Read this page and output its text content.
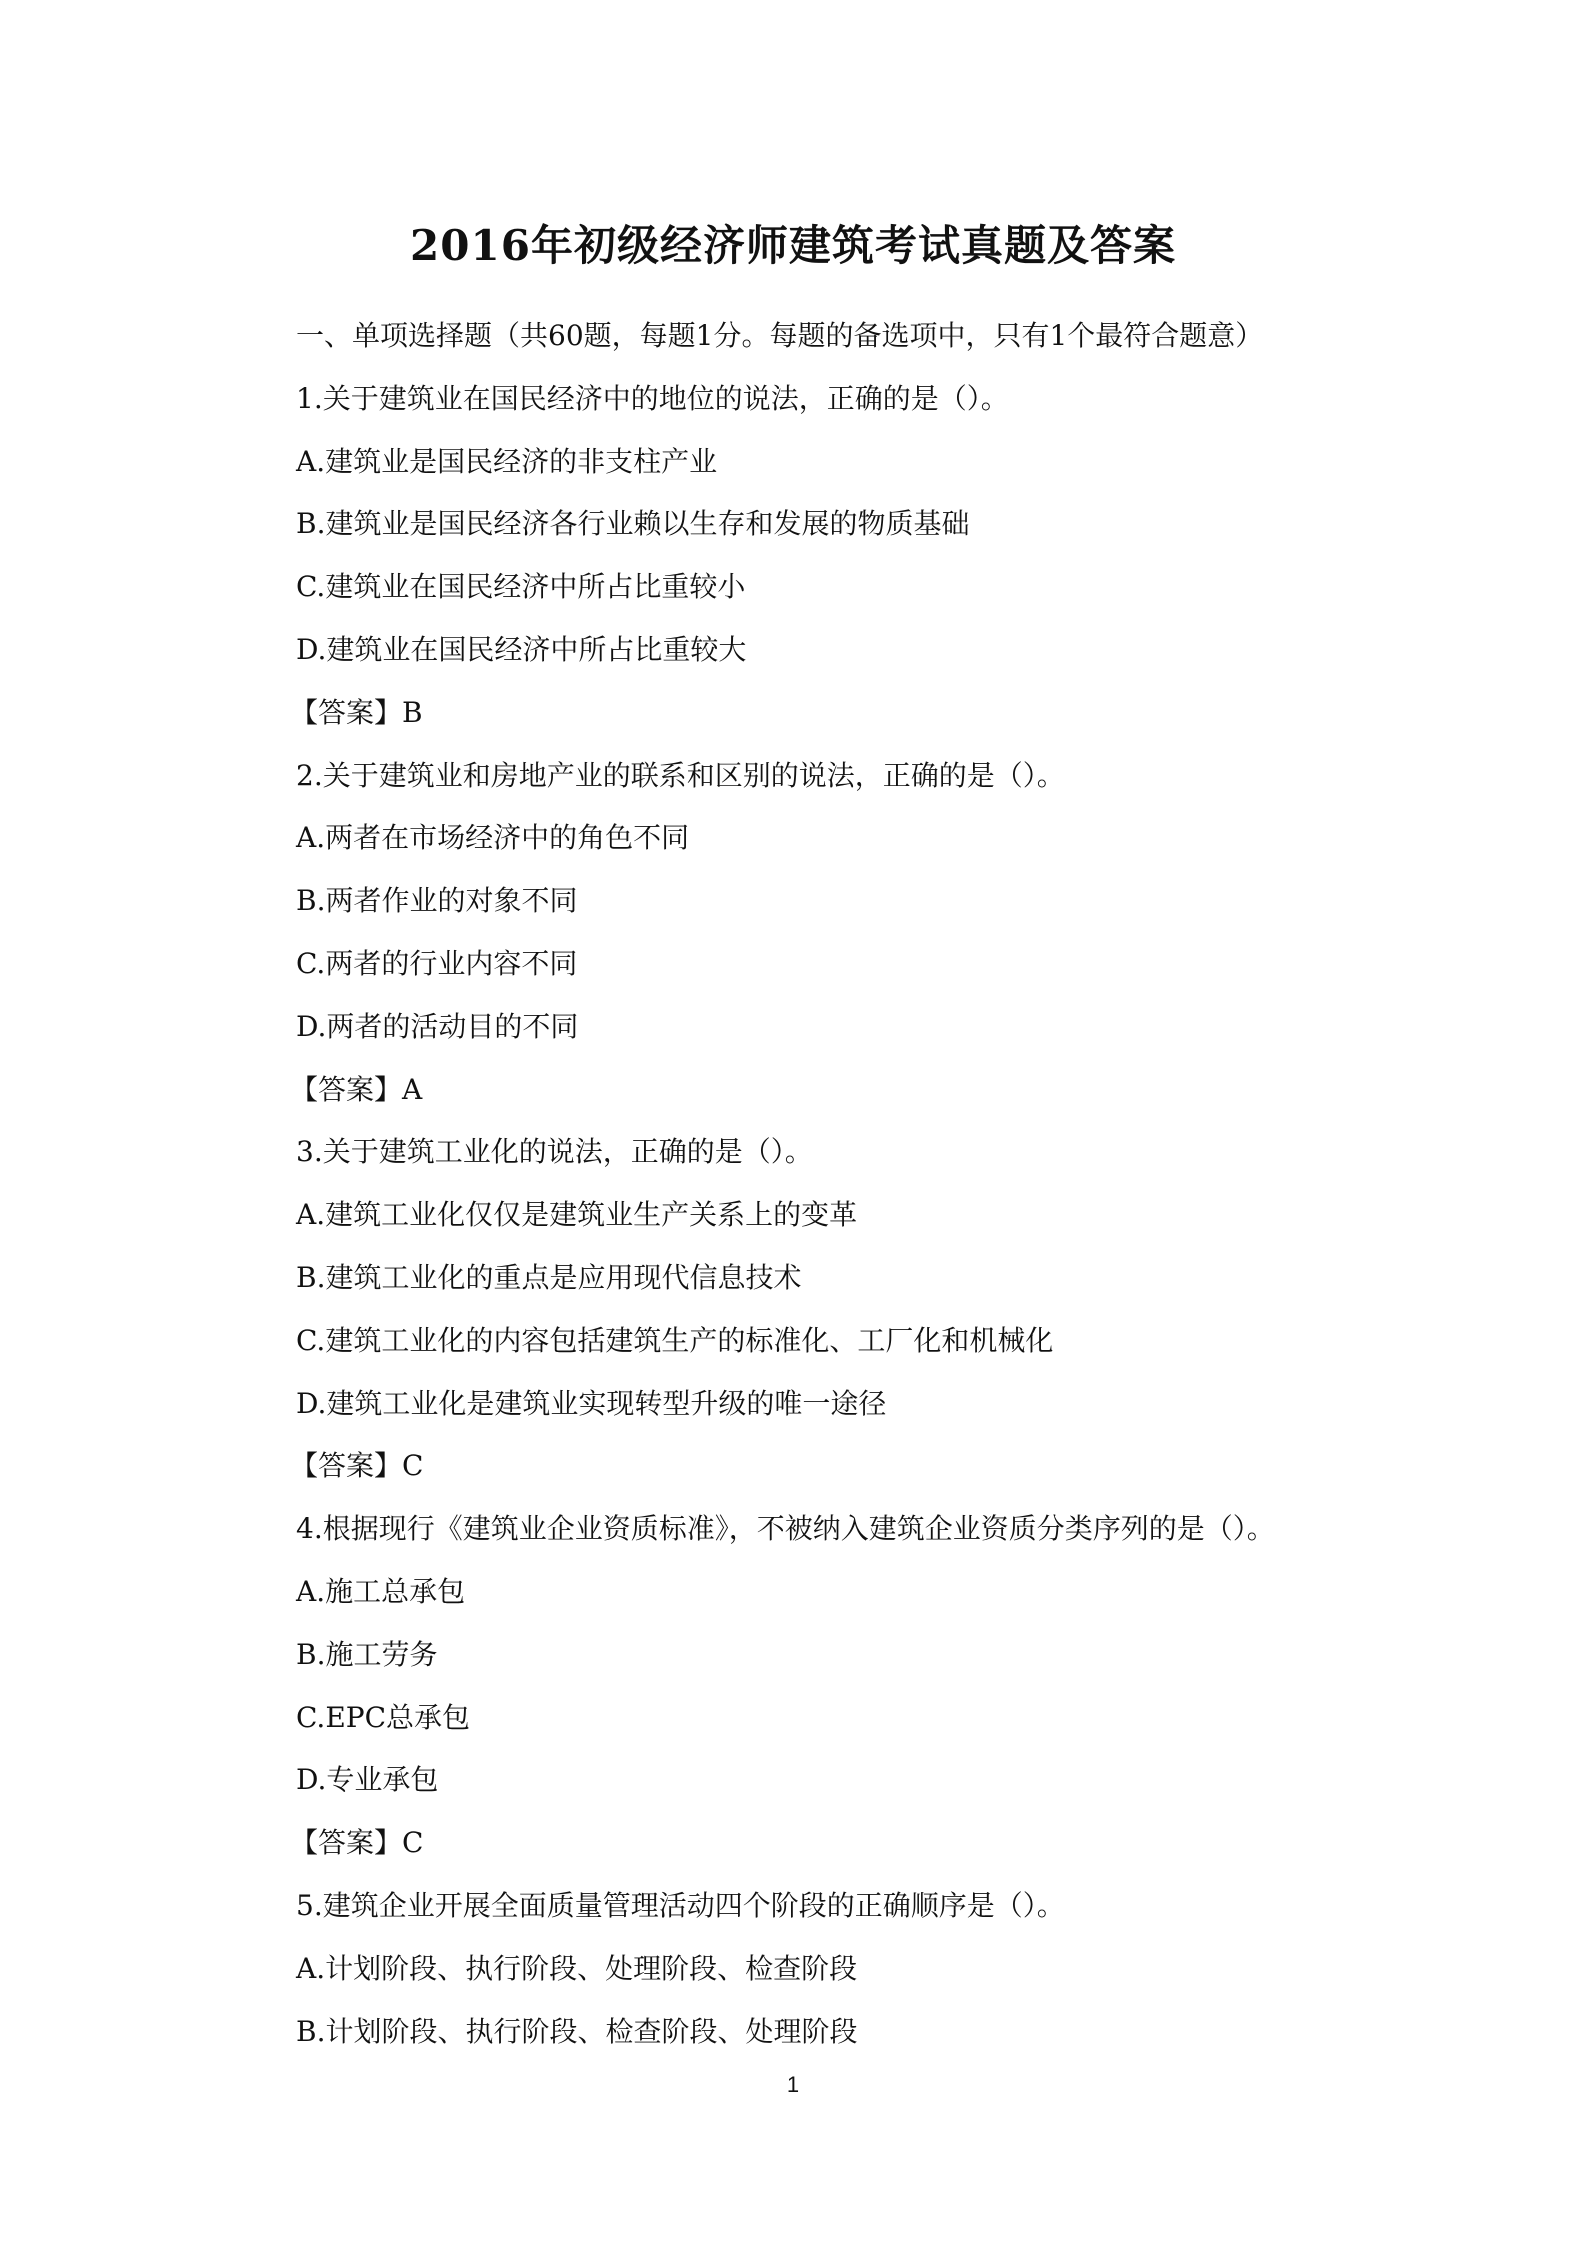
2016年初级经济师建筑考试真题及答案
一、单项选择题（共60题，每题1分。每题的备选项中，只有1个最符合题意）
1.关于建筑业在国民经济中的地位的说法，正确的是（）。
A.建筑业是国民经济的非支柱产业
B.建筑业是国民经济各行业赖以生存和发展的物质基础
C.建筑业在国民经济中所占比重较小
D.建筑业在国民经济中所占比重较大
【答案】B
2.关于建筑业和房地产业的联系和区别的说法，正确的是（）。
A.两者在市场经济中的角色不同
B.两者作业的对象不同
C.两者的行业内容不同
D.两者的活动目的不同
【答案】A
3.关于建筑工业化的说法，正确的是（）。
A.建筑工业化仅仅是建筑业生产关系上的变革
B.建筑工业化的重点是应用现代信息技术
C.建筑工业化的内容包括建筑生产的标准化、工厂化和机械化
D.建筑工业化是建筑业实现转型升级的唯一途径
【答案】C
4.根据现行《建筑业企业资质标准》，不被纳入建筑企业资质分类序列的是（）。
A.施工总承包
B.施工劳务
C.EPC总承包
D.专业承包
【答案】C
5.建筑企业开展全面质量管理活动四个阶段的正确顺序是（）。
A.计划阶段、执行阶段、处理阶段、检查阶段
B.计划阶段、执行阶段、检查阶段、处理阶段
1
